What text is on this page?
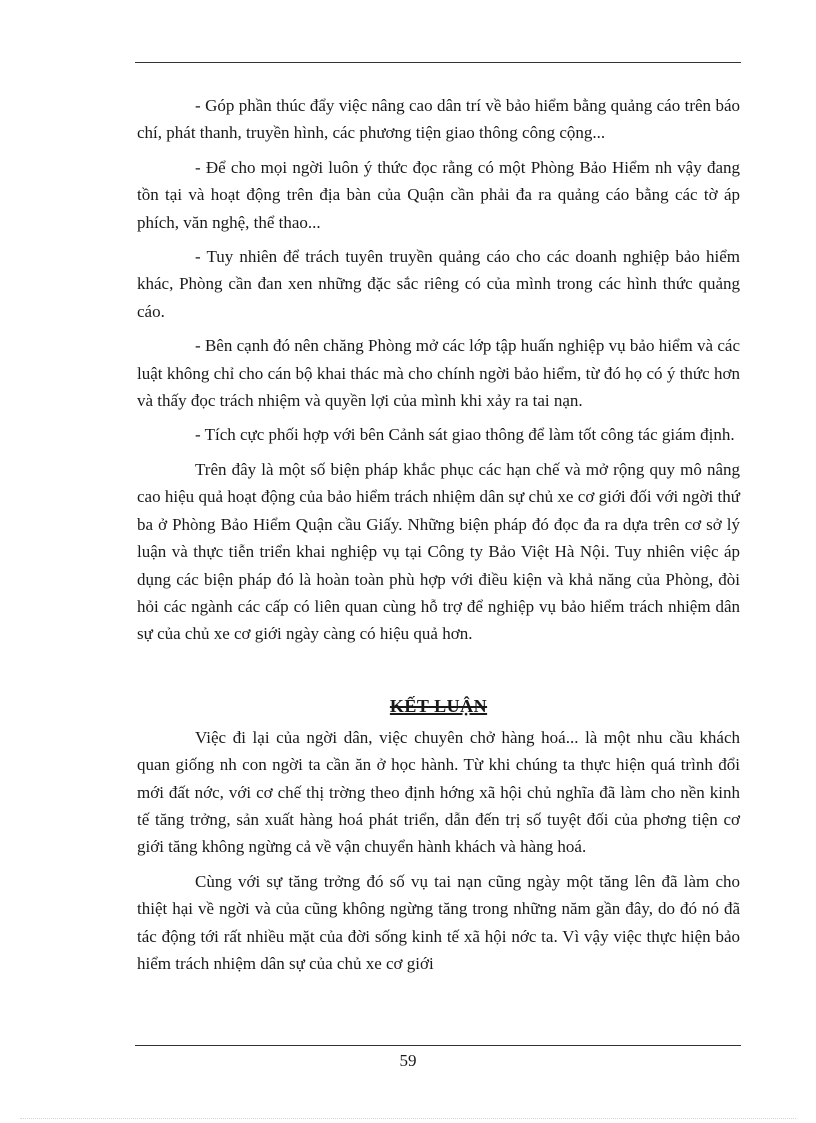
- Góp phần thúc đẩy việc nâng cao dân trí về bảo hiểm bằng quảng cáo trên báo chí, phát thanh, truyền hình, các phương tiện giao thông công cộng...

- Để cho mọi ngời luôn ý thức đọc rằng có một Phòng Bảo Hiểm nh vậy đang tồn tại và hoạt động trên địa bàn của Quận cần phải đa ra quảng cáo bằng các tờ áp phích, văn nghệ, thể thao...

- Tuy nhiên để trách tuyên truyền quảng cáo cho các doanh nghiệp bảo hiểm khác, Phòng cần đan xen những đặc sắc riêng có của mình trong các hình thức quảng cáo.

- Bên cạnh đó nên chăng Phòng mở các lớp tập huấn nghiệp vụ bảo hiểm và các luật không chỉ cho cán bộ khai thác mà cho chính ngời bảo hiểm, từ đó họ có ý thức hơn và thấy đọc trách nhiệm và quyền lợi của mình khi xảy ra tai nạn.

- Tích cực phối hợp với bên Cảnh sát giao thông để làm tốt công tác giám định.

Trên đây là một số biện pháp khắc phục các hạn chế và mở rộng quy mô nâng cao hiệu quả hoạt động của bảo hiểm trách nhiệm dân sự chủ xe cơ giới đối với ngời thứ ba ở Phòng Bảo Hiểm Quận cầu Giấy. Những biện pháp đó đọc đa ra dựa trên cơ sở lý luận và thực tiễn triển khai nghiệp vụ tại Công ty Bảo Việt Hà Nội. Tuy nhiên việc áp dụng các biện pháp đó là hoàn toàn phù hợp với điều kiện và khả năng của Phòng, đòi hỏi các ngành các cấp có liên quan cùng hỗ trợ để nghiệp vụ bảo hiểm trách nhiệm dân sự của chủ xe cơ giới ngày càng có hiệu quả hơn.

KẾT LUẬN

Việc đi lại của ngời dân, việc chuyên chở hàng hoá... là một nhu cầu khách quan giống nh con ngời ta cần ăn ở học hành. Từ khi chúng ta thực hiện quá trình đổi mới đất nớc, với cơ chế thị trờng theo định hớng xã hội chủ nghĩa đã làm cho nền kinh tế tăng trởng, sản xuất hàng hoá phát triển, dẫn đến trị số tuyệt đối của phơng tiện cơ giới tăng không ngừng cả về vận chuyển hành khách và hàng hoá.

Cùng với sự tăng trởng đó số vụ tai nạn cũng ngày một tăng lên đã làm cho thiệt hại về ngời và của cũng không ngừng tăng trong những năm gần đây, do đó nó đã tác động tới rất nhiều mặt của đời sống kinh tế xã hội nớc ta. Vì vậy việc thực hiện bảo hiểm trách nhiệm dân sự của chủ xe cơ giới

59
